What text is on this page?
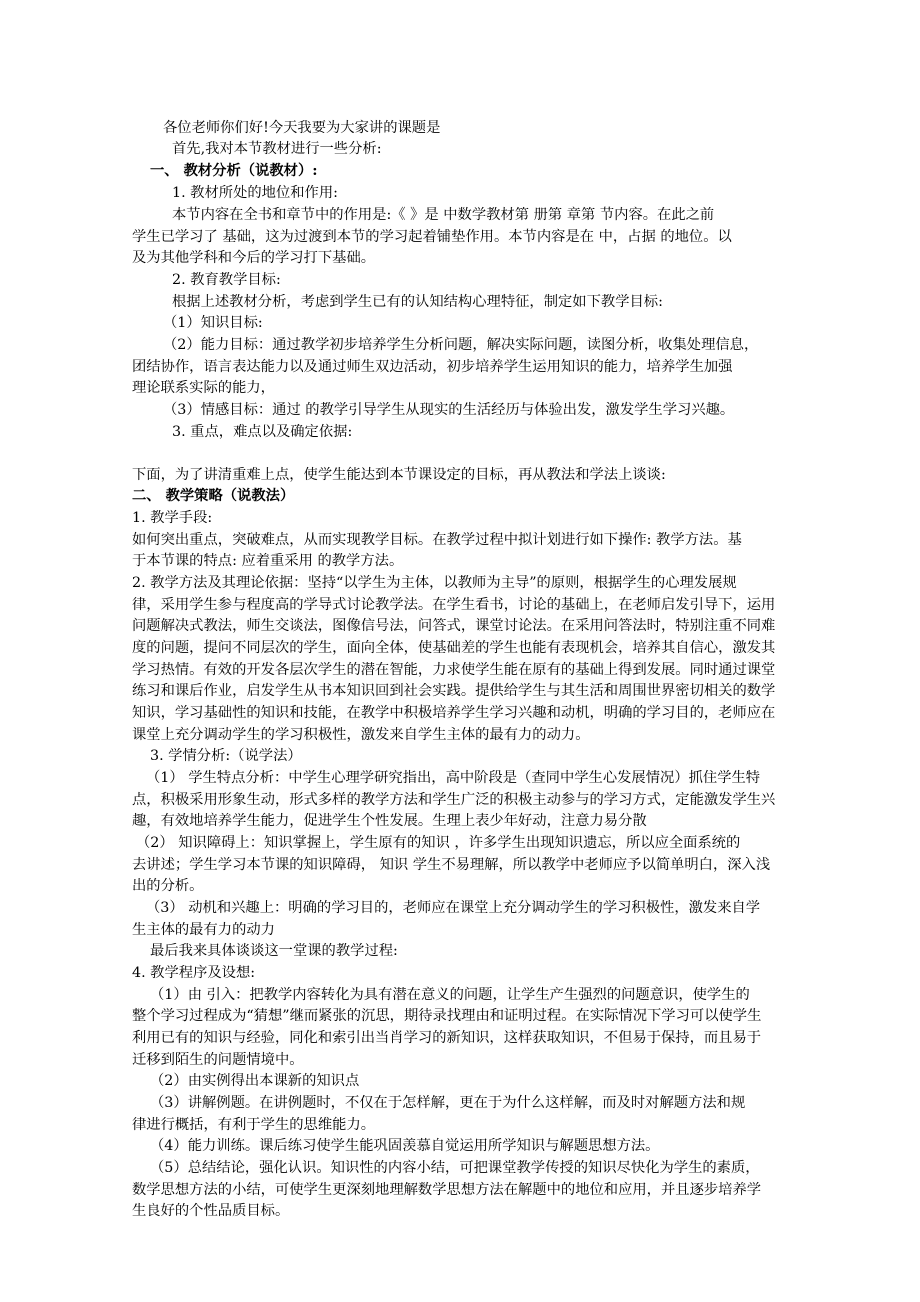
各位老师你们好!今天我要为大家讲的课题是
首先,我对本节教材进行一些分析:
一、 教材分析（说教材）:
1. 教材所处的地位和作用:
本节内容在全书和章节中的作用是:《 》是 中数学教材第 册第 章第 节内容。在此之前
学生已学习了 基础，这为过渡到本节的学习起着铺垫作用。本节内容是在 中，占据 的地位。以
及为其他学科和今后的学习打下基础。
2. 教育教学目标:
根据上述教材分析，考虑到学生已有的认知结构心理特征，制定如下教学目标:
（1）知识目标:
（2）能力目标：通过教学初步培养学生分析问题，解决实际问题，读图分析，收集处理信息，
团结协作，语言表达能力以及通过师生双边活动，初步培养学生运用知识的能力，培养学生加强
理论联系实际的能力，
（3）情感目标：通过 的教学引导学生从现实的生活经历与体验出发，激发学生学习兴趣。
3. 重点，难点以及确定依据:
下面，为了讲清重难上点，使学生能达到本节课设定的目标，再从教法和学法上谈谈:
二、 教学策略（说教法）
1. 教学手段:
如何突出重点，突破难点，从而实现教学目标。在教学过程中拟计划进行如下操作: 教学方法。基
于本节课的特点: 应着重采用 的教学方法。
2. 教学方法及其理论依据：坚持“以学生为主体，以教师为主导”的原则，根据学生的心理发展规
律，采用学生参与程度高的学导式讨论教学法。在学生看书，讨论的基础上，在老师启发引导下，运用
问题解决式教法，师生交谈法，图像信号法，问答式，课堂讨论法。在采用问答法时，特别注重不同难
度的问题，提问不同层次的学生，面向全体，使基础差的学生也能有表现机会，培养其自信心，激发其
学习热情。有效的开发各层次学生的潜在智能，力求使学生能在原有的基础上得到发展。同时通过课堂
练习和课后作业，启发学生从书本知识回到社会实践。提供给学生与其生活和周围世界密切相关的数学
知识，学习基础性的知识和技能，在教学中积极培养学生学习兴趣和动机，明确的学习目的，老师应在
课堂上充分调动学生的学习积极性，激发来自学生主体的最有力的动力。
3. 学情分析:（说学法）
（1） 学生特点分析：中学生心理学研究指出，高中阶段是（查同中学生心发展情况）抓住学生特
点，积极采用形象生动，形式多样的教学方法和学生广泛的积极主动参与的学习方式，定能激发学生兴
趣，有效地培养学生能力，促进学生个性发展。生理上表少年好动，注意力易分散
（2） 知识障碍上：知识掌握上，学生原有的知识 ，许多学生出现知识遗忘，所以应全面系统的
去讲述；学生学习本节课的知识障碍， 知识 学生不易理解，所以教学中老师应予以简单明白，深入浅
出的分析。
（3） 动机和兴趣上：明确的学习目的，老师应在课堂上充分调动学生的学习积极性，激发来自学
生主体的最有力的动力
最后我来具体谈谈这一堂课的教学过程:
4. 教学程序及设想:
（1）由 引入：把教学内容转化为具有潜在意义的问题，让学生产生强烈的问题意识，使学生的
整个学习过程成为“猜想”继而紧张的沉思，期待录找理由和证明过程。在实际情况下学习可以使学生
利用已有的知识与经验，同化和索引出当肖学习的新知识，这样获取知识，不但易于保持，而且易于
迁移到陌生的问题情境中。
（2）由实例得出本课新的知识点
（3）讲解例题。在讲例题时，不仅在于怎样解，更在于为什么这样解，而及时对解题方法和规
律进行概括，有利于学生的思维能力。
（4）能力训练。课后练习使学生能巩固羡慕自觉运用所学知识与解题思想方法。
（5）总结结论，强化认识。知识性的内容小结，可把课堂教学传授的知识尽快化为学生的素质，
数学思想方法的小结，可使学生更深刻地理解数学思想方法在解题中的地位和应用，并且逐步培养学
生良好的个性品质目标。
